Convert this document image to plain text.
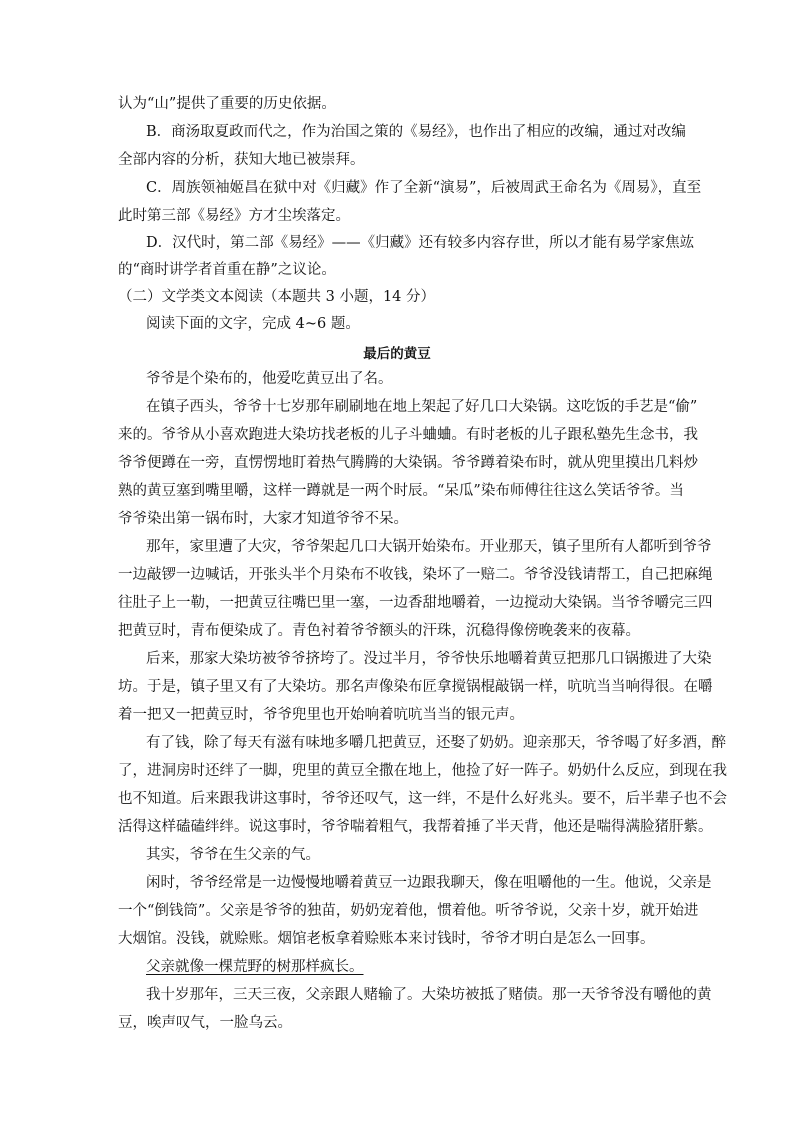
认为“山”提供了重要的历史依据。
B．商汤取夏政而代之，作为治国之策的《易经》，也作出了相应的改编，通过对改编
全部内容的分析，获知大地已被崇拜。
C．周族领袖姬昌在狱中对《归藏》作了全新“演易”，后被周武王命名为《周易》，直至
此时第三部《易经》方才尘埃落定。
D．汉代时，第二部《易经》——《归藏》还有较多内容存世，所以才能有易学家焦竑
的“商时讲学者首重在静”之议论。
（二）文学类文本阅读（本题共 3 小题，14 分）
阅读下面的文字，完成 4~6 题。
最后的黄豆
爷爷是个染布的，他爱吃黄豆出了名。
在镇子西头，爷爷十七岁那年刷刷地在地上架起了好几口大染锅。这吃饭的手艺是“偷”
来的。爷爷从小喜欢跑进大染坊找老板的儿子斗蛐蛐。有时老板的儿子跟私塾先生念书，我
爷爷便蹲在一旁，直愣愣地盯着热气腾腾的大染锅。爷爷蹲着染布时，就从兜里摸出几料炒
熟的黄豆塞到嘴里嚼，这样一蹲就是一两个时辰。“呆瓜”染布师傅往往这么笑话爷爷。当
爷爷染出第一锅布时，大家才知道爷爷不呆。
那年，家里遭了大灾，爷爷架起几口大锅开始染布。开业那天，镇子里所有人都听到爷爷
一边敲锣一边喊话，开张头半个月染布不收钱，染坏了一赔二。爷爷没钱请帮工，自己把麻绳
往肚子上一勒，一把黄豆往嘴巴里一塞，一边香甜地嚼着，一边搅动大染锅。当爷爷嚼完三四
把黄豆时，青布便染成了。青色衬着爷爷额头的汗珠，沉稳得像傍晚袭来的夜幕。
后来，那家大染坊被爷爷挤垮了。没过半月，爷爷快乐地嚼着黄豆把那几口锅搬进了大染
坊。于是，镇子里又有了大染坊。那名声像染布匠拿搅锅棍敲锅一样，吭吭当当响得很。在嚼
着一把又一把黄豆时，爷爷兜里也开始响着吭吭当当的银元声。
有了钱，除了每天有滋有味地多嚼几把黄豆，还娶了奶奶。迎亲那天，爷爷喝了好多酒，醉
了，进洞房时还绊了一脚，兜里的黄豆全撒在地上，他捡了好一阵子。奶奶什么反应，到现在我
也不知道。后来跟我讲这事时，爷爷还叹气，这一绊，不是什么好兆头。要不，后半辈子也不会
活得这样磕磕绊绊。说这事时，爷爷喘着粗气，我帮着捶了半天背，他还是喘得满脸猪肝紫。
其实，爷爷在生父亲的气。
闲时，爷爷经常是一边慢慢地嚼着黄豆一边跟我聊天，像在咀嚼他的一生。他说，父亲是
一个“倒钱筒”。父亲是爷爷的独苗，奶奶宠着他，惯着他。听爷爷说，父亲十岁，就开始进
大烟馆。没钱，就赊账。烟馆老板拿着赊账本来讨钱时，爷爷才明白是怎么一回事。
父亲就像一棵荒野的树那样疯长。
我十岁那年，三天三夜，父亲跟人赌输了。大染坊被抵了赌债。那一天爷爷没有嚼他的黄
豆，唉声叹气，一脸乌云。
